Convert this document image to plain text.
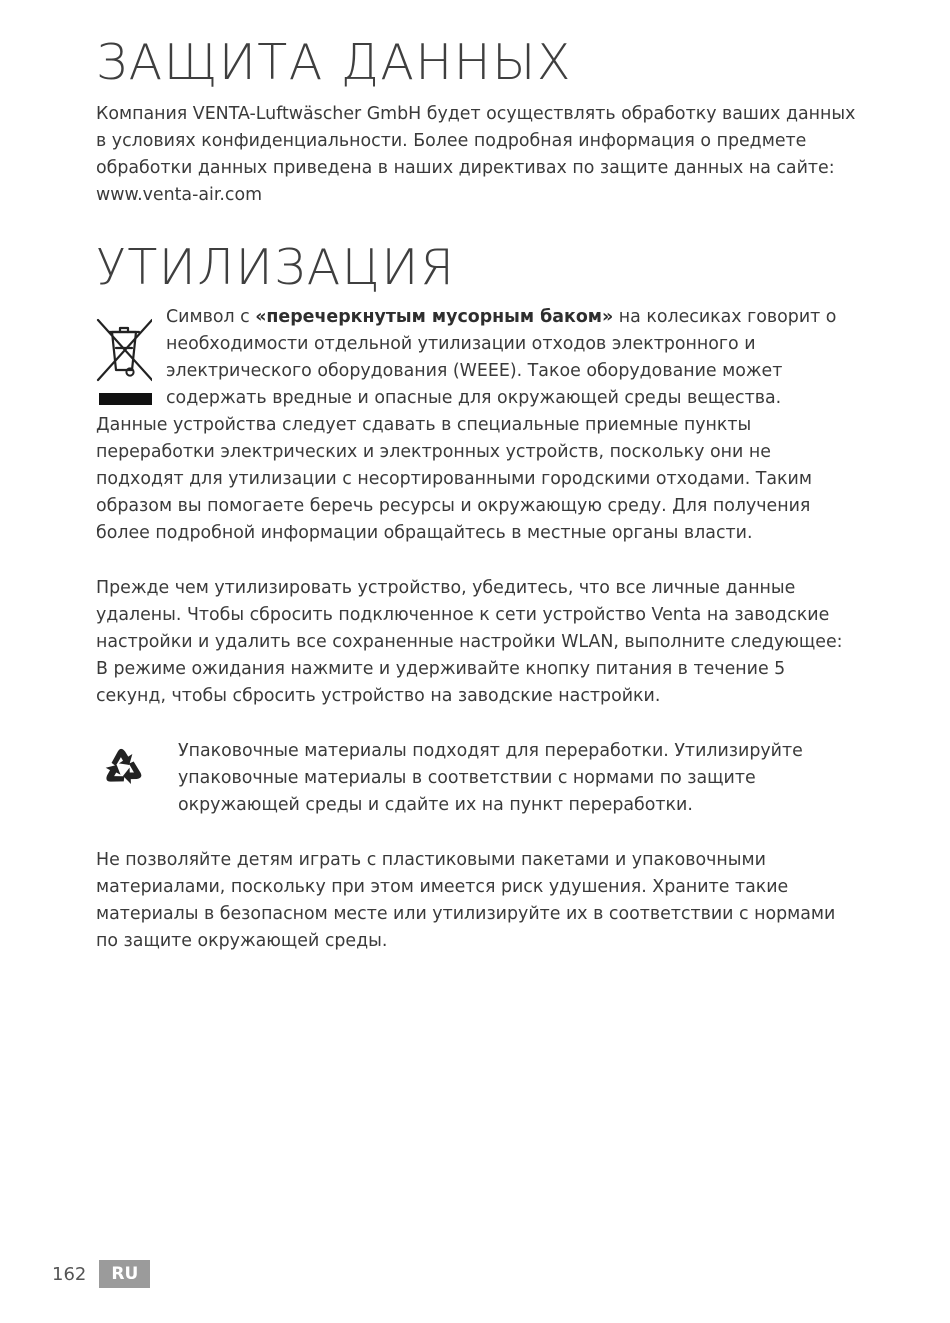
ЗАЩИТА ДАННЫХ

Компания VENTA-Luftwäscher GmbH будет осуществлять обработку ваших данных в условиях конфиденциальности. Более подробная информация о предмете обработки данных приведена в наших директивах по защите данных на сайте: www.venta-air.com

УТИЛИЗАЦИЯ

Символ с «перечеркнутым мусорным баком» на колесиках говорит о необходимости отдельной утилизации отходов электронного и электрического оборудования (WEEE). Такое оборудование может содержать вредные и опасные для окружающей среды вещества.

Данные устройства следует сдавать в специальные приемные пункты переработки электрических и электронных устройств, поскольку они не подходят для утилизации с несортированными городскими отходами. Таким образом вы помогаете беречь ресурсы и окружающую среду. Для получения более подробной информации обращайтесь в местные органы власти.

Прежде чем утилизировать устройство, убедитесь, что все личные данные удалены. Чтобы сбросить подключенное к сети устройство Venta на заводские настройки и удалить все сохраненные настройки WLAN, выполните следующее: В режиме ожидания нажмите и удерживайте кнопку питания в течение 5 секунд, чтобы сбросить устройство на заводские настройки.

Упаковочные материалы подходят для переработки. Утилизируйте упаковочные материалы в соответствии с нормами по защите окружающей среды и сдайте их на пункт переработки.

Не позволяйте детям играть с пластиковыми пакетами и упаковочными материалами, поскольку при этом имеется риск удушения. Храните такие материалы в безопасном месте или утилизируйте их в соответствии с нормами по защите окружающей среды.

162	RU
